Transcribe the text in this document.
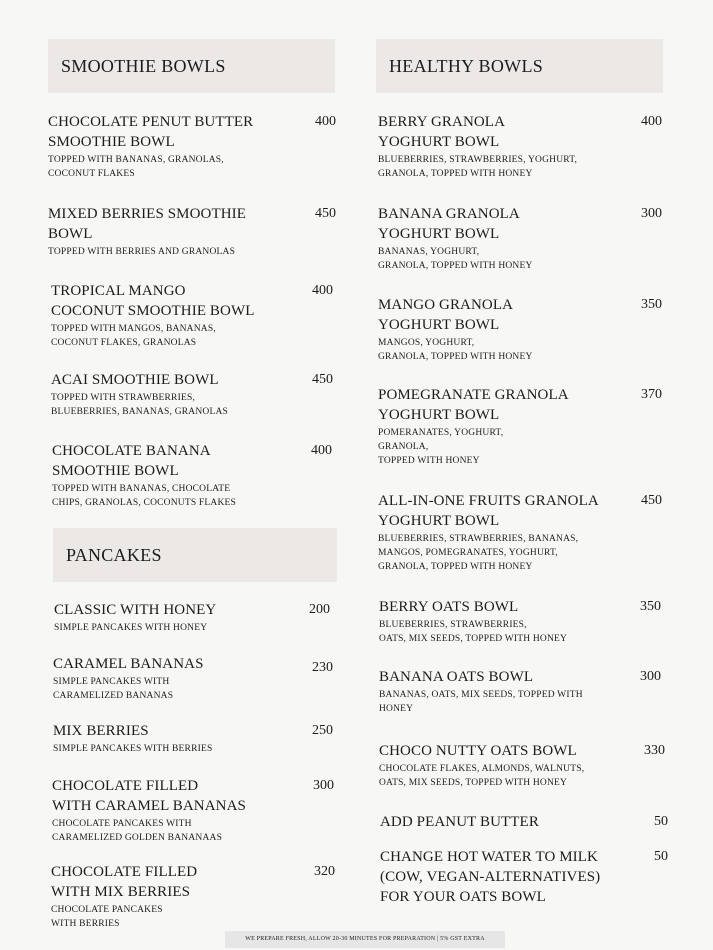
SMOOTHIE BOWLS
CHOCOLATE PENUT BUTTER
SMOOTHIE BOWL
400
TOPPED WITH BANANAS, GRANOLAS,
COCONUT FLAKES
MIXED BERRIES SMOOTHIE
BOWL
450
TOPPED WITH BERRIES AND GRANOLAS
TROPICAL MANGO
COCONUT SMOOTHIE BOWL
400
TOPPED WITH MANGOS, BANANAS,
COCONUT FLAKES, GRANOLAS
ACAI SMOOTHIE BOWL	450
TOPPED WITH STRAWBERRIES,
BLUEBERRIES, BANANAS, GRANOLAS
CHOCOLATE BANANA
SMOOTHIE BOWL
400
TOPPED WITH BANANAS, CHOCOLATE
CHIPS, GRANOLAS, COCONUTS FLAKES
PANCAKES
CLASSIC WITH HONEY	200
SIMPLE PANCAKES WITH HONEY
CARAMEL BANANAS	230
SIMPLE PANCAKES WITH
CARAMELIZED BANANAS
MIX BERRIES	250
SIMPLE PANCAKES WITH BERRIES
CHOCOLATE FILLED
WITH CARAMEL BANANAS
300
CHOCOLATE PANCAKES WITH
CARAMELIZED GOLDEN BANANAAS
CHOCOLATE FILLED
WITH MIX BERRIES
320
CHOCOLATE PANCAKES
WITH BERRIES
HEALTHY BOWLS
BERRY GRANOLA
YOGHURT BOWL
400
BLUEBERRIES, STRAWBERRIES, YOGHURT,
GRANOLA, TOPPED WITH HONEY
BANANA GRANOLA
YOGHURT BOWL
300
BANANAS, YOGHURT,
GRANOLA, TOPPED WITH HONEY
MANGO GRANOLA
YOGHURT BOWL
350
MANGOS, YOGHURT,
GRANOLA, TOPPED WITH HONEY
POMEGRANATE GRANOLA
YOGHURT BOWL
370
POMERANATES, YOGHURT,
GRANOLA,
TOPPED WITH HONEY
ALL-IN-ONE FRUITS GRANOLA
YOGHURT BOWL
450
BLUEBERRIES, STRAWBERRIES, BANANAS,
MANGOS, POMEGRANATES, YOGHURT,
GRANOLA, TOPPED WITH HONEY
BERRY OATS BOWL	350
BLUEBERRIES, STRAWBERRIES,
OATS, MIX SEEDS, TOPPED WITH HONEY
BANANA OATS BOWL	300
BANANAS, OATS, MIX SEEDS, TOPPED WITH
HONEY
CHOCO NUTTY OATS BOWL	330
CHOCOLATE FLAKES, ALMONDS, WALNUTS,
OATS, MIX SEEDS, TOPPED WITH HONEY
ADD PEANUT BUTTER	50
CHANGE HOT WATER TO MILK
(COW, VEGAN-ALTERNATIVES)
FOR YOUR OATS BOWL
50
WE PREPARE FRESH, ALLOW 20-30 MINUTES FOR PREPARATION | 5% GST EXTRA
